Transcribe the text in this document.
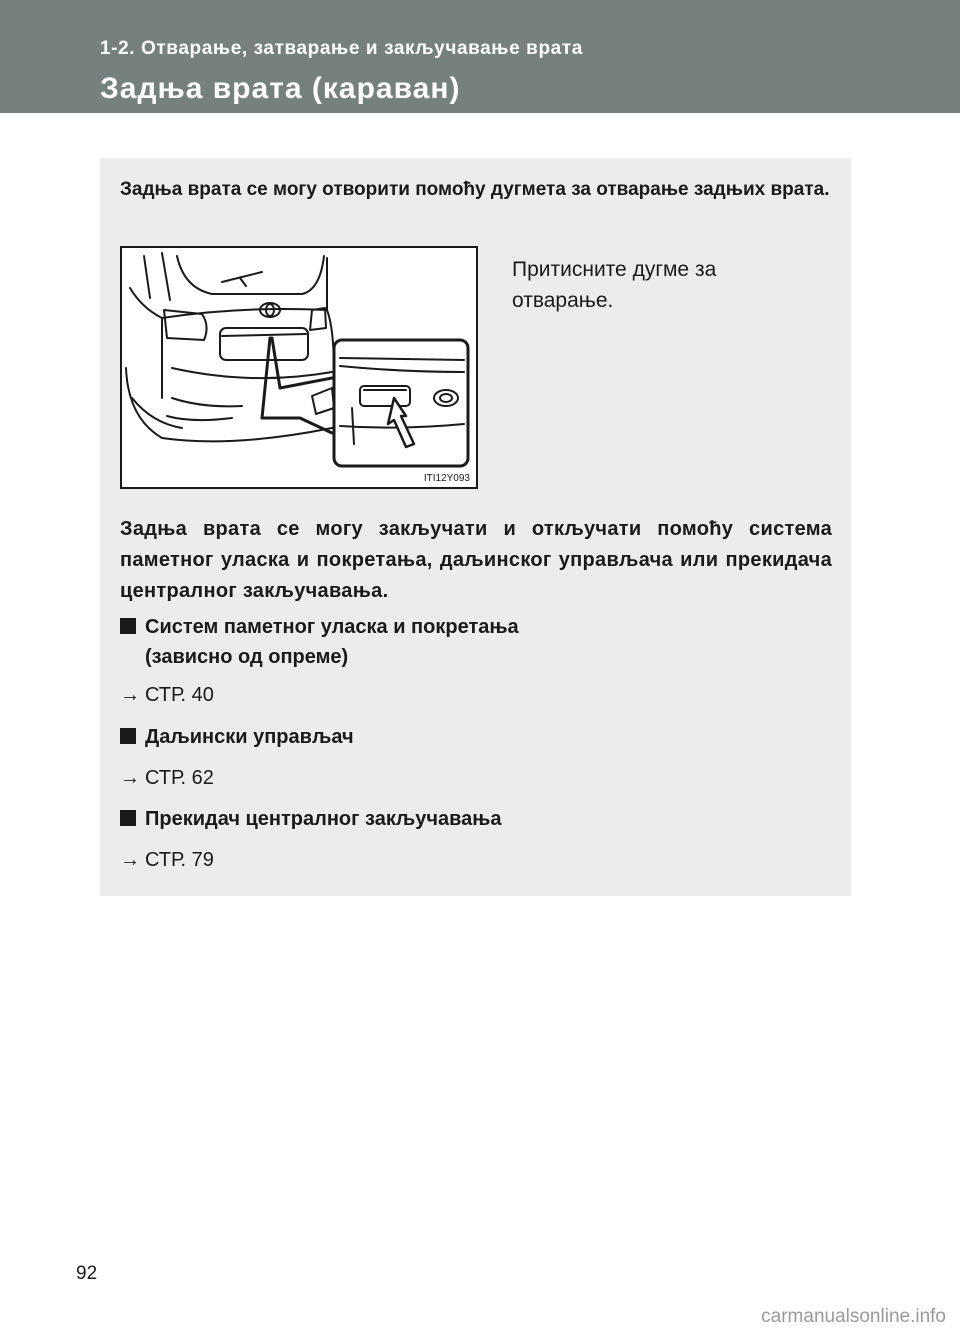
1-2. Отварање, затварање и закључавање врата
Задња врата (караван)
Задња врата се могу отворити помоћу дугмета за отварање задњих врата.
ITI12Y093
Притисните дугме за отварање.
Задња врата се могу закључати и откључати помоћу система паметног уласка и покретања, даљинског управљача или прекидача централног закључавања.
Систем паметног уласка и покретања
(зависно од опреме)
→ СТР. 40
Даљински управљач
→ СТР. 62
Прекидач централног закључавања
→ СТР. 79
92
carmanualsonline.info
